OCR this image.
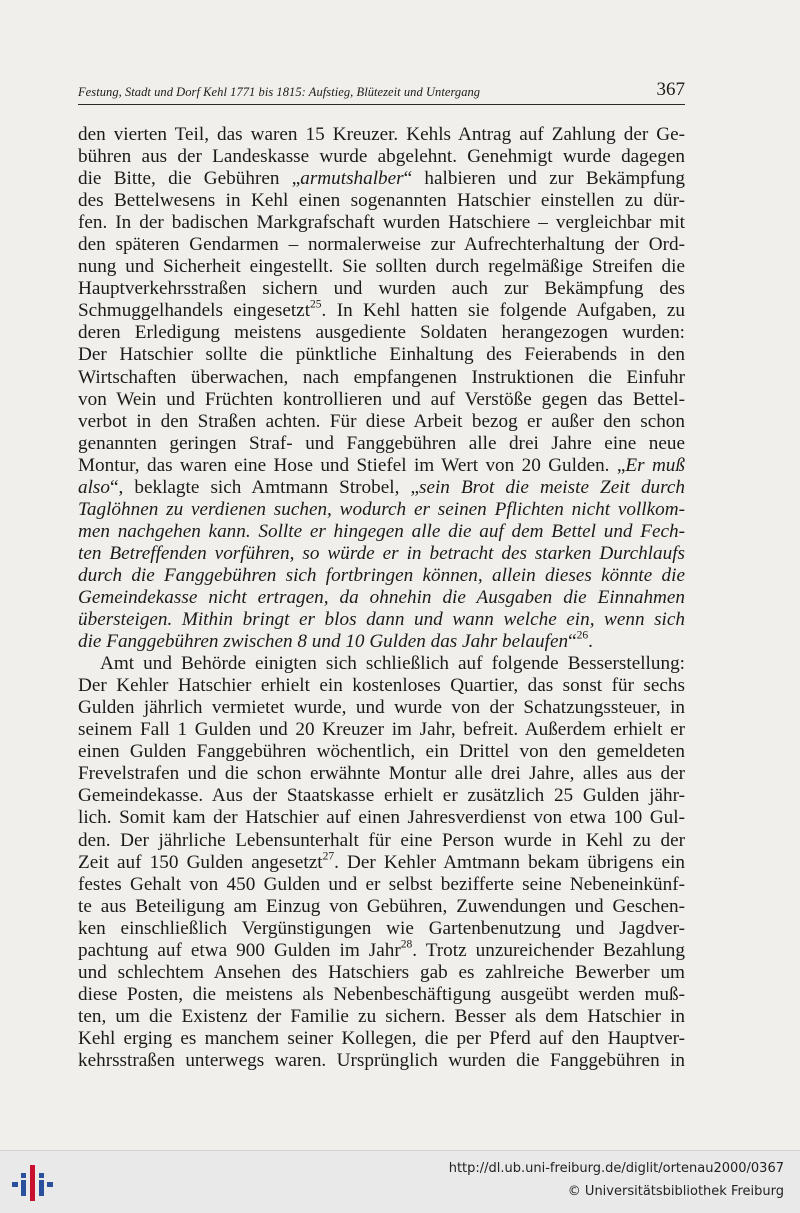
Festung, Stadt und Dorf Kehl 1771 bis 1815: Aufstieg, Blütezeit und Untergang	367
den vierten Teil, das waren 15 Kreuzer. Kehls Antrag auf Zahlung der Ge-
bühren aus der Landeskasse wurde abgelehnt. Genehmigt wurde dagegen
die Bitte, die Gebühren „armutshalber“ halbieren und zur Bekämpfung
des Bettelwesens in Kehl einen sogenannten Hatschier einstellen zu dür-
fen. In der badischen Markgrafschaft wurden Hatschiere – vergleichbar mit
den späteren Gendarmen – normalerweise zur Aufrechterhaltung der Ord-
nung und Sicherheit eingestellt. Sie sollten durch regelmäßige Streifen die
Hauptverkehrsstraßen sichern und wurden auch zur Bekämpfung des
Schmuggelhandels eingesetzt$^{25}$. In Kehl hatten sie folgende Aufgaben, zu
deren Erledigung meistens ausgediente Soldaten herangezogen wurden:
Der Hatschier sollte die pünktliche Einhaltung des Feierabends in den
Wirtschaften überwachen, nach empfangenen Instruktionen die Einfuhr
von Wein und Früchten kontrollieren und auf Verstöße gegen das Bettel-
verbot in den Straßen achten. Für diese Arbeit bezog er außer den schon
genannten geringen Straf- und Fanggebühren alle drei Jahre eine neue
Montur, das waren eine Hose und Stiefel im Wert von 20 Gulden. „Er muß
also“, beklagte sich Amtmann Strobel, „sein Brot die meiste Zeit durch
Taglöhnen zu verdienen suchen, wodurch er seinen Pflichten nicht vollkom-
men nachgehen kann. Sollte er hingegen alle die auf dem Bettel und Fech-
ten Betreffenden vorführen, so würde er in betracht des starken Durchlaufs
durch die Fanggebühren sich fortbringen können, allein dieses könnte die
Gemeindekasse nicht ertragen, da ohnehin die Ausgaben die Einnahmen
übersteigen. Mithin bringt er blos dann und wann welche ein, wenn sich
die Fanggebühren zwischen 8 und 10 Gulden das Jahr belaufen“$^{26}$.
Amt und Behörde einigten sich schließlich auf folgende Besserstellung:
Der Kehler Hatschier erhielt ein kostenloses Quartier, das sonst für sechs
Gulden jährlich vermietet wurde, und wurde von der Schatzungssteuer, in
seinem Fall 1 Gulden und 20 Kreuzer im Jahr, befreit. Außerdem erhielt er
einen Gulden Fanggebühren wöchentlich, ein Drittel von den gemeldeten
Frevelstrafen und die schon erwähnte Montur alle drei Jahre, alles aus der
Gemeindekasse. Aus der Staatskasse erhielt er zusätzlich 25 Gulden jähr-
lich. Somit kam der Hatschier auf einen Jahresverdienst von etwa 100 Gul-
den. Der jährliche Lebensunterhalt für eine Person wurde in Kehl zu der
Zeit auf 150 Gulden angesetzt$^{27}$. Der Kehler Amtmann bekam übrigens ein
festes Gehalt von 450 Gulden und er selbst bezifferte seine Nebeneinkünf-
te aus Beteiligung am Einzug von Gebühren, Zuwendungen und Geschen-
ken einschließlich Vergünstigungen wie Gartenbenutzung und Jagdver-
pachtung auf etwa 900 Gulden im Jahr$^{28}$. Trotz unzureichender Bezahlung
und schlechtem Ansehen des Hatschiers gab es zahlreiche Bewerber um
diese Posten, die meistens als Nebenbeschäftigung ausgeübt werden muß-
ten, um die Existenz der Familie zu sichern. Besser als dem Hatschier in
Kehl erging es manchem seiner Kollegen, die per Pferd auf den Hauptver-
kehrsstraßen unterwegs waren. Ursprünglich wurden die Fanggebühren in
http://dl.ub.uni-freiburg.de/diglit/ortenau2000/0367
© Universitätsbibliothek Freiburg
